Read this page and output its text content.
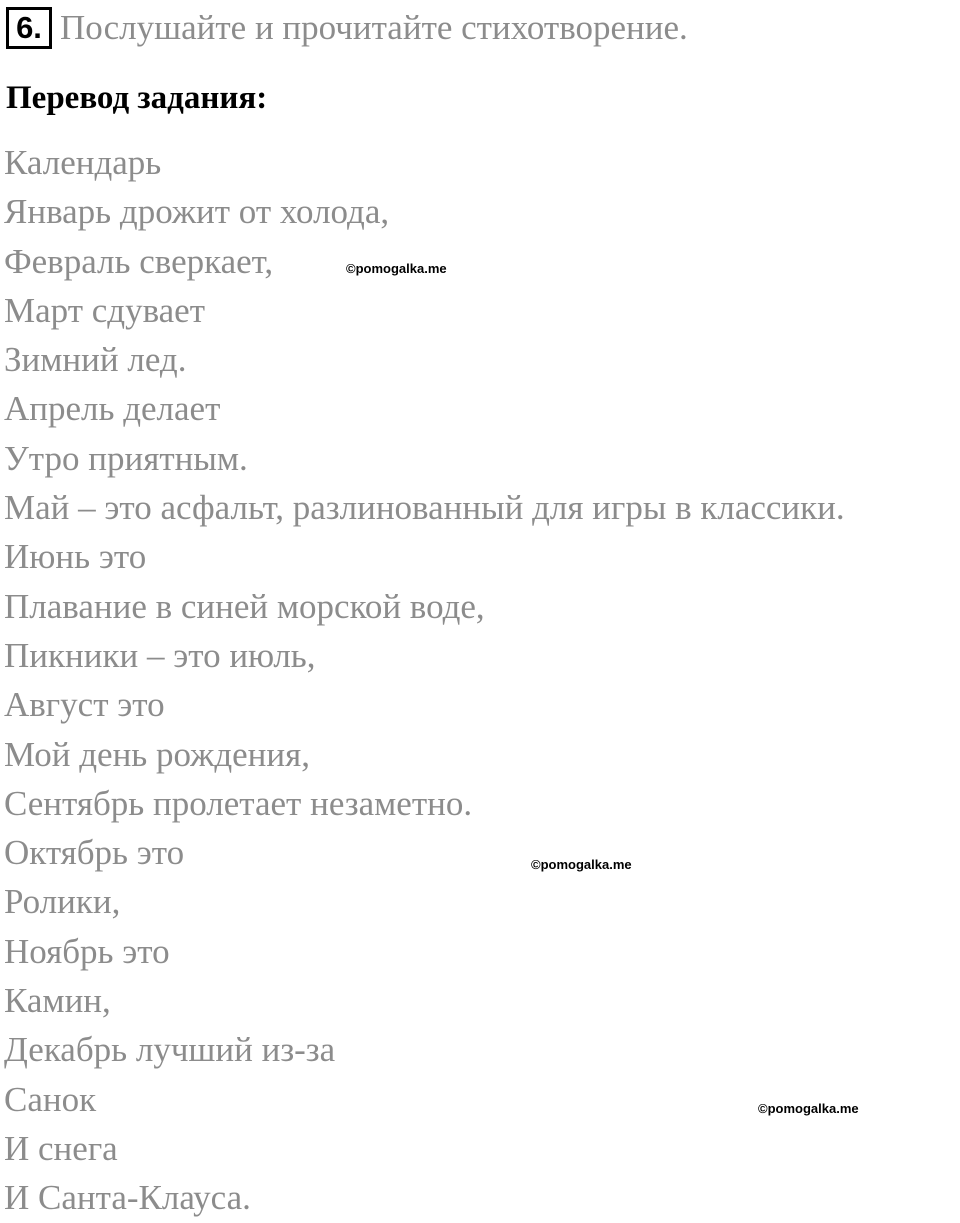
6. Послушайте и прочитайте стихотворение.
Перевод задания:
Календарь
Январь дрожит от холода,
Февраль сверкает,
Март сдувает
Зимний лед.
Апрель делает
Утро приятным.
Май – это асфальт, разлинованный для игры в классики.
Июнь это
Плавание в синей морской воде,
Пикники – это июль,
Август это
Мой день рождения,
Сентябрь пролетает незаметно.
Октябрь это
Ролики,
Ноябрь это
Камин,
Декабрь лучший из-за
Санок
И снега
И Санта-Клауса.
©pomogalka.me
©pomogalka.me
©pomogalka.me
